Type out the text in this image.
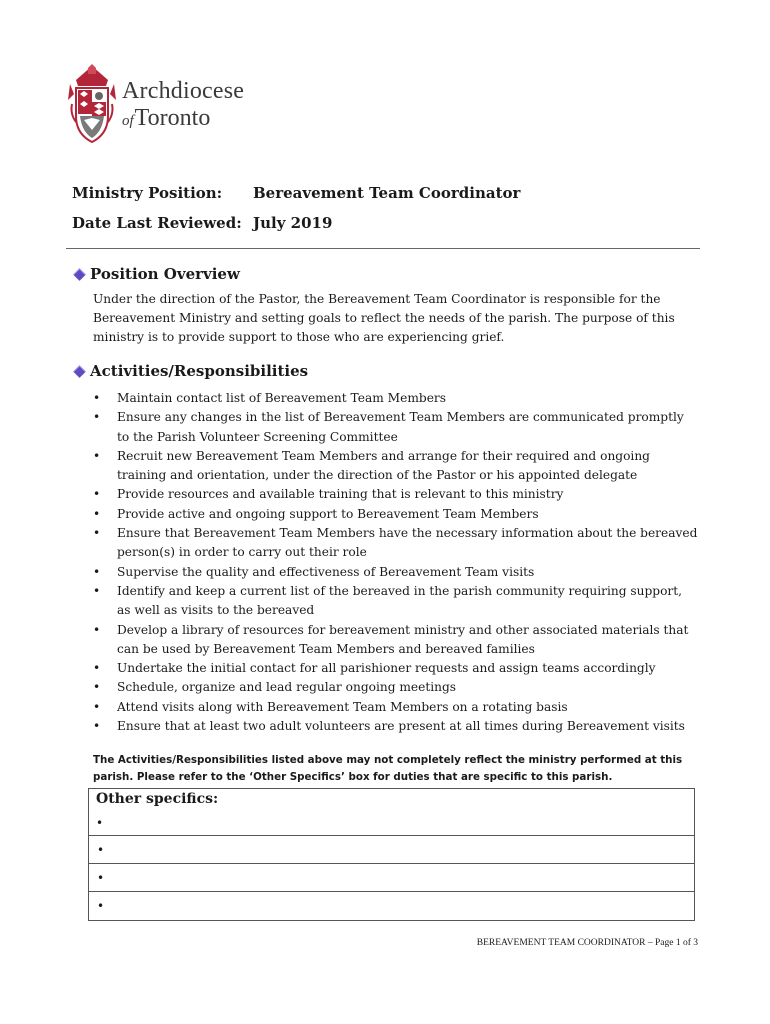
Archdiocese
ofToronto
Ministry Position: Bereavement Team Coordinator
Date Last Reviewed: July 2019
Position Overview
Under the direction of the Pastor, the Bereavement Team Coordinator is responsible for the Bereavement Ministry and setting goals to reflect the needs of the parish. The purpose of this ministry is to provide support to those who are experiencing grief.
Activities/Responsibilities
• Maintain contact list of Bereavement Team Members
• Ensure any changes in the list of Bereavement Team Members are communicated promptly to the Parish Volunteer Screening Committee
• Recruit new Bereavement Team Members and arrange for their required and ongoing training and orientation, under the direction of the Pastor or his appointed delegate
• Provide resources and available training that is relevant to this ministry
• Provide active and ongoing support to Bereavement Team Members
• Ensure that Bereavement Team Members have the necessary information about the bereaved person(s) in order to carry out their role
• Supervise the quality and effectiveness of Bereavement Team visits
• Identify and keep a current list of the bereaved in the parish community requiring support, as well as visits to the bereaved
• Develop a library of resources for bereavement ministry and other associated materials that can be used by Bereavement Team Members and bereaved families
• Undertake the initial contact for all parishioner requests and assign teams accordingly
• Schedule, organize and lead regular ongoing meetings
• Attend visits along with Bereavement Team Members on a rotating basis
• Ensure that at least two adult volunteers are present at all times during Bereavement visits
The Activities/Responsibilities listed above may not completely reflect the ministry performed at this parish. Please refer to the ‘Other Specifics’ box for duties that are specific to this parish.
Other specifics:
•
•
•
•
BEREAVEMENT TEAM COORDINATOR – Page 1 of 3
